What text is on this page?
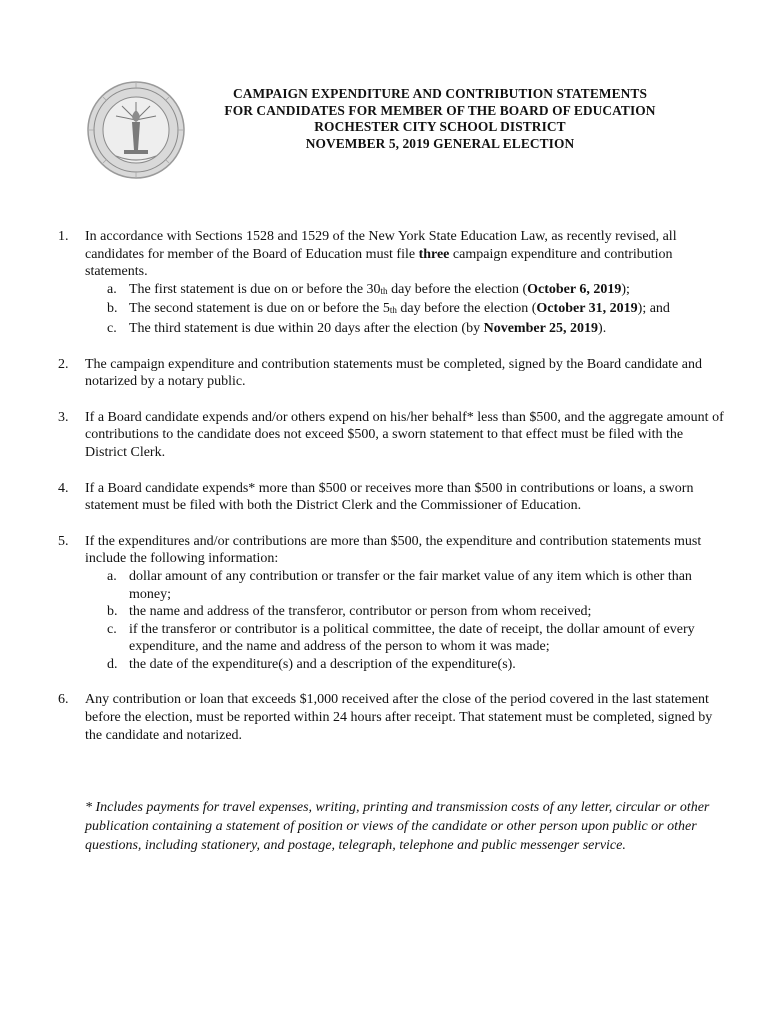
CAMPAIGN EXPENDITURE AND CONTRIBUTION STATEMENTS
FOR CANDIDATES FOR MEMBER OF THE BOARD OF EDUCATION
ROCHESTER CITY SCHOOL DISTRICT
NOVEMBER 5, 2019 GENERAL ELECTION
1. In accordance with Sections 1528 and 1529 of the New York State Education Law, as recently revised, all candidates for member of the Board of Education must file three campaign expenditure and contribution statements.
a. The first statement is due on or before the $30_{th}$ day before the election (October 6, 2019);
b. The second statement is due on or before the $5_{th}$ day before the election (October 31, 2019); and
c. The third statement is due within 20 days after the election (by November 25, 2019).
2. The campaign expenditure and contribution statements must be completed, signed by the Board candidate and notarized by a notary public.
3. If a Board candidate expends and/or others expend on his/her behalf* less than $500, and the aggregate amount of contributions to the candidate does not exceed $500, a sworn statement to that effect must be filed with the District Clerk.
4. If a Board candidate expends* more than $500 or receives more than $500 in contributions or loans, a sworn statement must be filed with both the District Clerk and the Commissioner of Education.
5. If the expenditures and/or contributions are more than $500, the expenditure and contribution statements must include the following information:
a. dollar amount of any contribution or transfer or the fair market value of any item which is other than money;
b. the name and address of the transferor, contributor or person from whom received;
c. if the transferor or contributor is a political committee, the date of receipt, the dollar amount of every expenditure, and the name and address of the person to whom it was made;
d. the date of the expenditure(s) and a description of the expenditure(s).
6. Any contribution or loan that exceeds $1,000 received after the close of the period covered in the last statement before the election, must be reported within 24 hours after receipt. That statement must be completed, signed by the candidate and notarized.
* Includes payments for travel expenses, writing, printing and transmission costs of any letter, circular or other publication containing a statement of position or views of the candidate or other person upon public or other questions, including stationery, and postage, telegraph, telephone and public messenger service.
